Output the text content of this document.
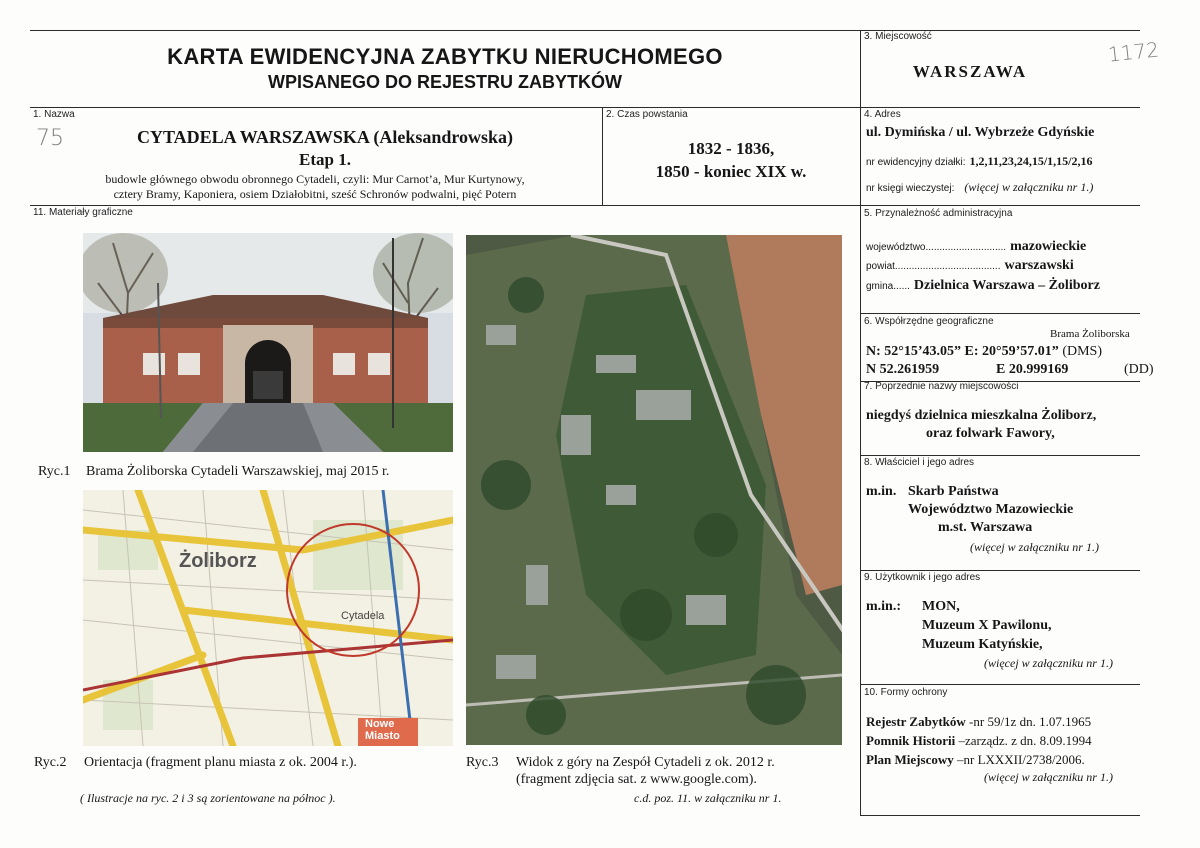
KARTA EWIDENCYJNA ZABYTKU NIERUCHOMEGO
WPISANEGO DO REJESTRU ZABYTKÓW
3. Miejscowość
WARSZAWA
1172
1. Nazwa
75	CYTADELA WARSZAWSKA (Aleksandrowska)
Etap 1.
budowle głównego obwodu obronnego Cytadeli, czyli: Mur Carnot’a, Mur Kurtynowy,
cztery Bramy, Kaponiera, osiem Działobitni, sześć Schronów podwalni, pięć Potern
2. Czas powstania
1832 - 1836,
1850 - koniec XIX w.
4. Adres
ul. Dymińska / ul. Wybrzeże Gdyńskie
nr ewidencyjny działki: 1,2,11,23,24,15/1,15/2,16
nr księgi wieczystej: (więcej w załączniku nr 1.)
11. Materiały graficzne
Ryc.1 Brama Żoliborska Cytadeli Warszawskiej, maj 2015 r.
Żoliborz
Cytadela
Nowe Miasto
Ryc.2 Orientacja (fragment planu miasta z ok. 2004 r.).
( Ilustracje na ryc. 2 i 3 są zorientowane na północ ).
Ryc.3 Widok z góry na Zespół Cytadeli z ok. 2012 r.
(fragment zdjęcia sat. z www.google.com).
c.d. poz. 11. w załączniku nr 1.
5. Przynależność administracyjna
województwo............................. mazowieckie
powiat...................................... warszawski
gmina...... Dzielnica Warszawa – Żoliborz
6. Współrzędne geograficzne
Brama Żoliborska
N: 52°15’43.05” E: 20°59’57.01” (DMS)
N 52.261959	E 20.999169	(DD)
7. Poprzednie nazwy miejscowości
niegdyś dzielnica mieszkalna Żoliborz,
oraz folwark Fawory,
8. Właściciel i jego adres
m.in. Skarb Państwa
Województwo Mazowieckie
m.st. Warszawa
(więcej w załączniku nr 1.)
9. Użytkownik i jego adres
m.in.: MON,
Muzeum X Pawilonu,
Muzeum Katyńskie,
(więcej w załączniku nr 1.)
10. Formy ochrony
Rejestr Zabytków -nr 59/1z dn. 1.07.1965
Pomnik Historii –zarządz. z dn. 8.09.1994
Plan Miejscowy –nr LXXXII/2738/2006.
(więcej w załączniku nr 1.)
